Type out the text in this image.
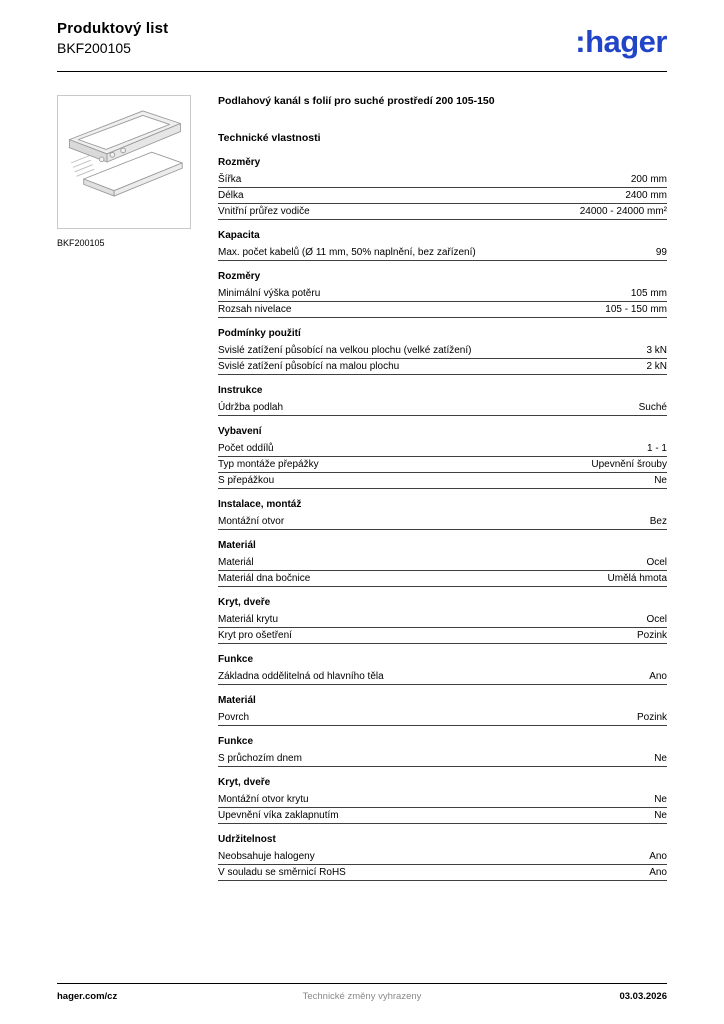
Produktový list
BKF200105	:hager
BKF200105
Podlahový kanál s folií pro suché prostředí 200 105-150
Technické vlastnosti
Rozměry
Šířka	200 mm
Délka	2400 mm
Vnitřní průřez vodiče	24000 - 24000 mm²
Kapacita
Max. počet kabelů (Ø 11 mm, 50% naplnění, bez zařízení)	99
Rozměry
Minimální výška potěru	105 mm
Rozsah nivelace	105 - 150 mm
Podmínky použití
Svislé zatížení působící na velkou plochu (velké zatížení)	3 kN
Svislé zatížení působící na malou plochu	2 kN
Instrukce
Údržba podlah	Suché
Vybavení
Počet oddílů	1 - 1
Typ montáže přepážky	Upevnění šrouby
S přepážkou	Ne
Instalace, montáž
Montážní otvor	Bez
Materiál
Materiál	Ocel
Materiál dna bočnice	Umělá hmota
Kryt, dveře
Materiál krytu	Ocel
Kryt pro ošetření	Pozink
Funkce
Základna oddělitelná od hlavního těla	Ano
Materiál
Povrch	Pozink
Funkce
S průchozím dnem	Ne
Kryt, dveře
Montážní otvor krytu	Ne
Upevnění víka zaklapnutím	Ne
Udržitelnost
Neobsahuje halogeny	Ano
V souladu se směrnicí RoHS	Ano
hager.com/cz	Technické změny vyhrazeny	03.03.2026
